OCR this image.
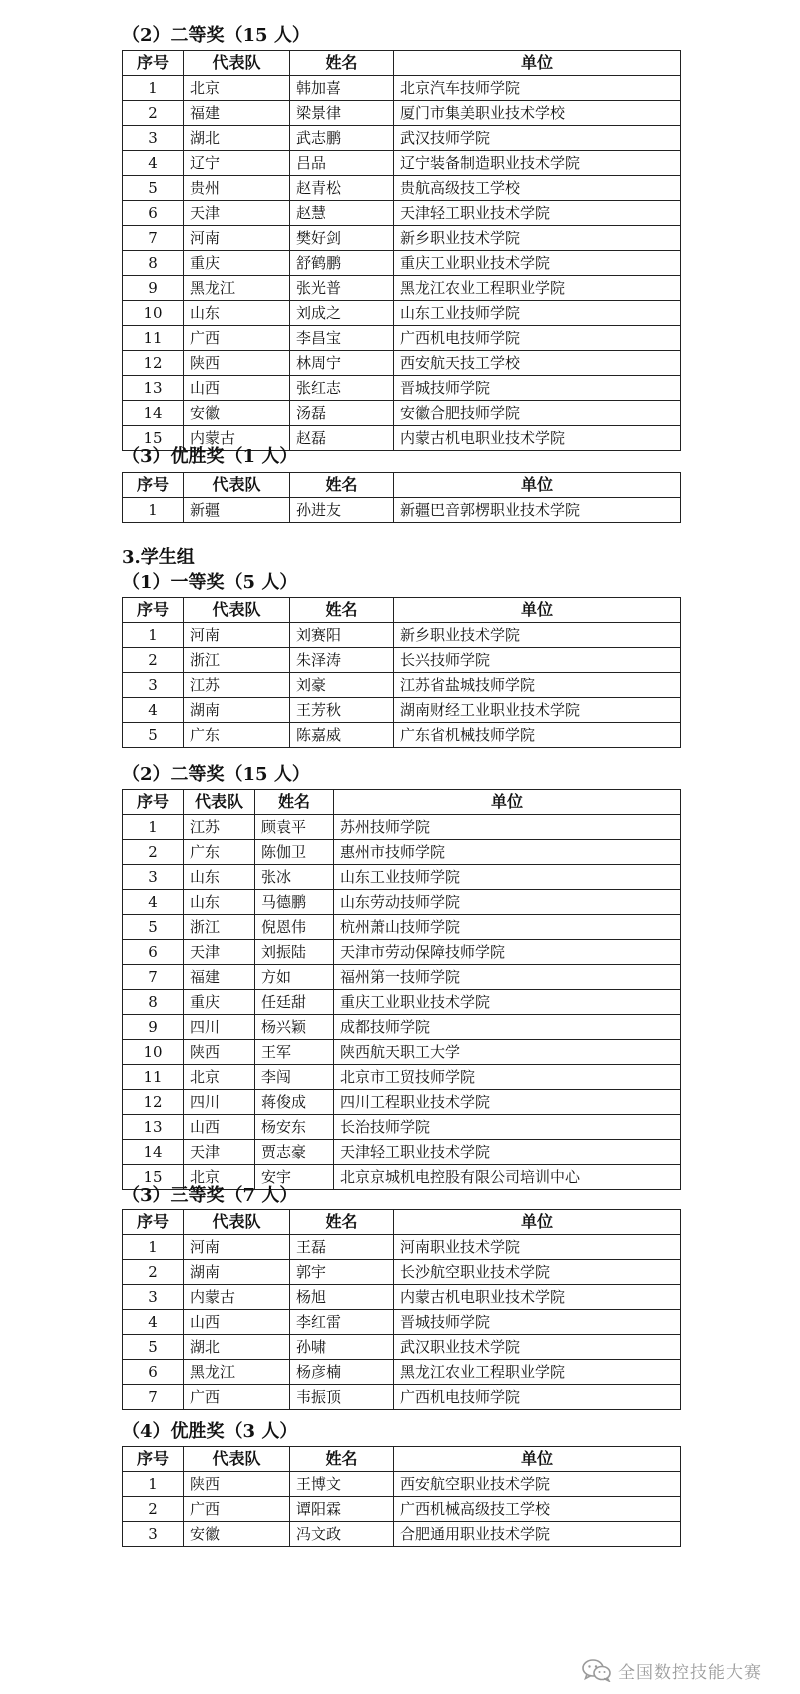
（2）二等奖（15 人）
序号	代表队	姓名	单位
1	北京	韩加喜	北京汽车技师学院
2	福建	梁景律	厦门市集美职业技术学校
3	湖北	武志鹏	武汉技师学院
4	辽宁	吕品	辽宁装备制造职业技术学院
5	贵州	赵青松	贵航高级技工学校
6	天津	赵慧	天津轻工职业技术学院
7	河南	樊好剑	新乡职业技术学院
8	重庆	舒鹤鹏	重庆工业职业技术学院
9	黑龙江	张光普	黑龙江农业工程职业学院
10	山东	刘成之	山东工业技师学院
11	广西	李昌宝	广西机电技师学院
12	陕西	林周宁	西安航天技工学校
13	山西	张红志	晋城技师学院
14	安徽	汤磊	安徽合肥技师学院
15	内蒙古	赵磊	内蒙古机电职业技术学院
（3）优胜奖（1 人）
序号	代表队	姓名	单位
1	新疆	孙进友	新疆巴音郭楞职业技术学院
3.学生组
（1）一等奖（5 人）
序号	代表队	姓名	单位
1	河南	刘赛阳	新乡职业技术学院
2	浙江	朱泽涛	长兴技师学院
3	江苏	刘豪	江苏省盐城技师学院
4	湖南	王芳秋	湖南财经工业职业技术学院
5	广东	陈嘉威	广东省机械技师学院
（2）二等奖（15 人）
序号	代表队	姓名	单位
1	江苏	顾袁平	苏州技师学院
2	广东	陈伽卫	惠州市技师学院
3	山东	张冰	山东工业技师学院
4	山东	马德鹏	山东劳动技师学院
5	浙江	倪恩伟	杭州萧山技师学院
6	天津	刘振陆	天津市劳动保障技师学院
7	福建	方如	福州第一技师学院
8	重庆	任廷甜	重庆工业职业技术学院
9	四川	杨兴颖	成都技师学院
10	陕西	王军	陕西航天职工大学
11	北京	李闯	北京市工贸技师学院
12	四川	蒋俊成	四川工程职业技术学院
13	山西	杨安东	长治技师学院
14	天津	贾志豪	天津轻工职业技术学院
15	北京	安宇	北京京城机电控股有限公司培训中心
（3）三等奖（7 人）
序号	代表队	姓名	单位
1	河南	王磊	河南职业技术学院
2	湖南	郭宇	长沙航空职业技术学院
3	内蒙古	杨旭	内蒙古机电职业技术学院
4	山西	李红雷	晋城技师学院
5	湖北	孙啸	武汉职业技术学院
6	黑龙江	杨彦楠	黑龙江农业工程职业学院
7	广西	韦振顶	广西机电技师学院
（4）优胜奖（3 人）
序号	代表队	姓名	单位
1	陕西	王博文	西安航空职业技术学院
2	广西	谭阳霖	广西机械高级技工学校
3	安徽	冯文政	合肥通用职业技术学院
全国数控技能大赛
